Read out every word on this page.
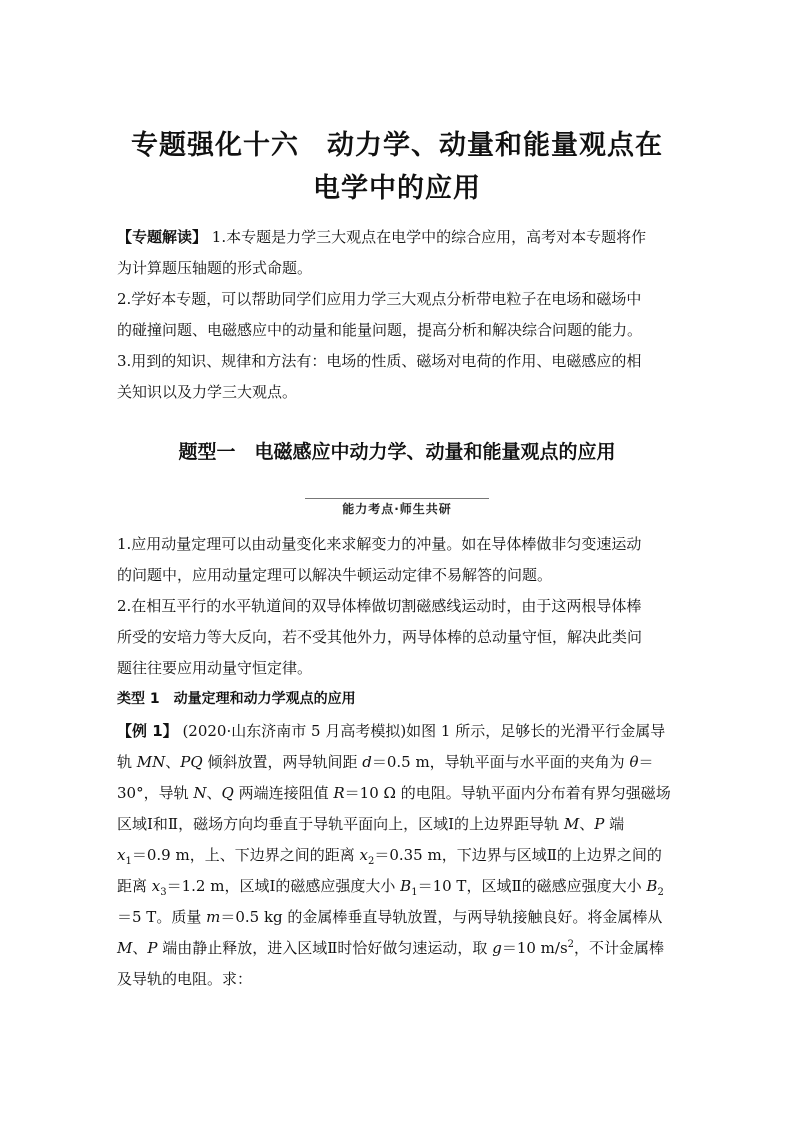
专题强化十六　动力学、动量和能量观点在
电学中的应用
【专题解读】 1.本专题是力学三大观点在电学中的综合应用，高考对本专题将作
为计算题压轴题的形式命题。
2.学好本专题，可以帮助同学们应用力学三大观点分析带电粒子在电场和磁场中
的碰撞问题、电磁感应中的动量和能量问题，提高分析和解决综合问题的能力。
3.用到的知识、规律和方法有：电场的性质、磁场对电荷的作用、电磁感应的相
关知识以及力学三大观点。
题型一　电磁感应中动力学、动量和能量观点的应用
能力考点·师生共研
1.应用动量定理可以由动量变化来求解变力的冲量。如在导体棒做非匀变速运动
的问题中，应用动量定理可以解决牛顿运动定律不易解答的问题。
2.在相互平行的水平轨道间的双导体棒做切割磁感线运动时，由于这两根导体棒
所受的安培力等大反向，若不受其他外力，两导体棒的总动量守恒，解决此类问
题往往要应用动量守恒定律。
类型 1　动量定理和动力学观点的应用
【例 1】 (2020·山东济南市 5 月高考模拟)如图 1 所示，足够长的光滑平行金属导
轨 MN、PQ 倾斜放置，两导轨间距 d＝0.5 m，导轨平面与水平面的夹角为 θ＝
30°，导轨 N、Q 两端连接阻值 R＝10 Ω 的电阻。导轨平面内分布着有界匀强磁场
区域Ⅰ和Ⅱ，磁场方向均垂直于导轨平面向上，区域Ⅰ的上边界距导轨 M、P 端
$x_1=0.9$ m，上、下边界之间的距离 $x_2=0.35$ m，下边界与区域Ⅱ的上边界之间的
距离 $x_3=1.2$ m，区域Ⅰ的磁感应强度大小 $B_1=10$ T，区域Ⅱ的磁感应强度大小 $B_2$
＝5 T。质量 m＝0.5 kg 的金属棒垂直导轨放置，与两导轨接触良好。将金属棒从
M、P 端由静止释放，进入区域Ⅱ时恰好做匀速运动，取 g＝10 $m/s^2$，不计金属棒
及导轨的电阻。求：
